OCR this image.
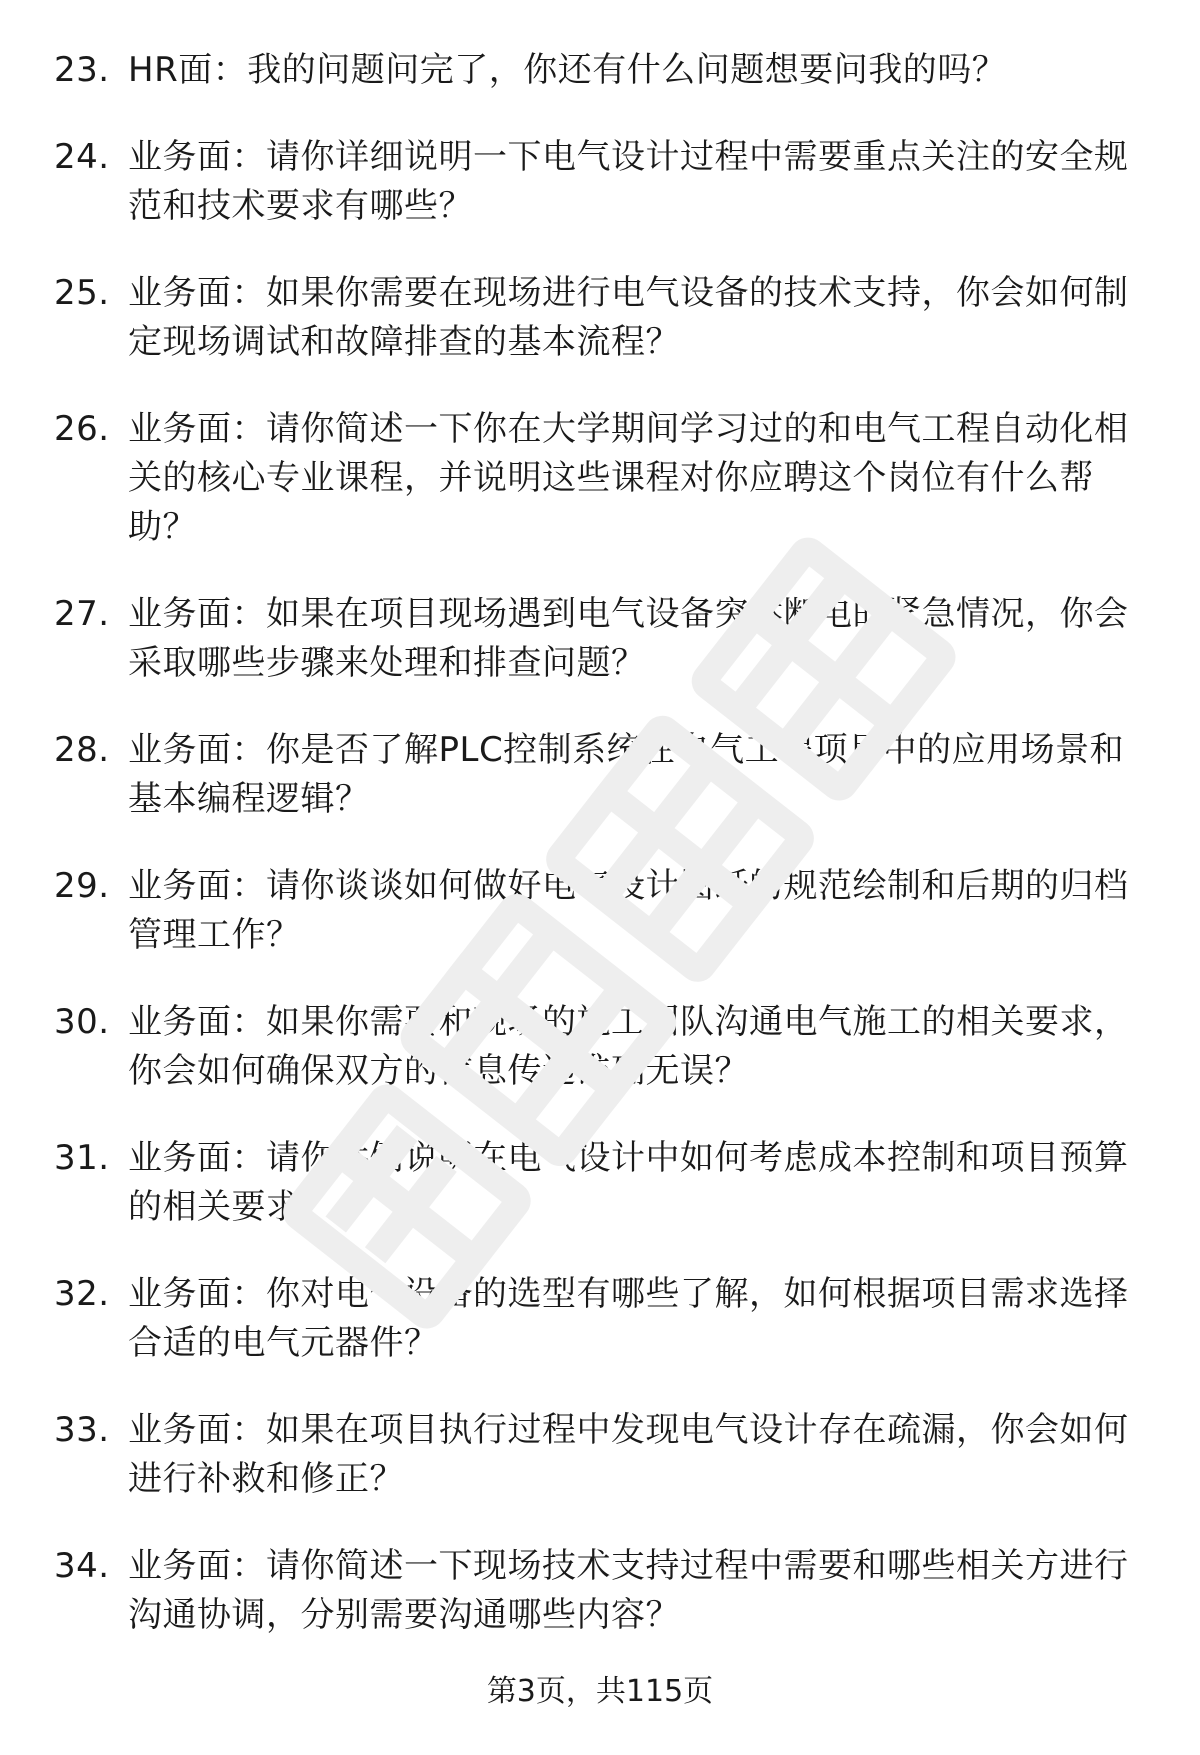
23. HR面：我的问题问完了，你还有什么问题想要问我的吗？
24. 业务面：请你详细说明一下电气设计过程中需要重点关注的安全规范和技术要求有哪些？
25. 业务面：如果你需要在现场进行电气设备的技术支持，你会如何制定现场调试和故障排查的基本流程？
26. 业务面：请你简述一下你在大学期间学习过的和电气工程自动化相关的核心专业课程，并说明这些课程对你应聘这个岗位有什么帮助？
27. 业务面：如果在项目现场遇到电气设备突然断电的紧急情况，你会采取哪些步骤来处理和排查问题？
28. 业务面：你是否了解PLC控制系统在电气工程项目中的应用场景和基本编程逻辑？
29. 业务面：请你谈谈如何做好电气设计图纸的规范绘制和后期的归档管理工作？
30. 业务面：如果你需要和现场的施工团队沟通电气施工的相关要求，你会如何确保双方的信息传递准确无误？
31. 业务面：请你举例说明在电气设计中如何考虑成本控制和项目预算的相关要求？
32. 业务面：你对电气设备的选型有哪些了解，如何根据项目需求选择合适的电气元器件？
33. 业务面：如果在项目执行过程中发现电气设计存在疏漏，你会如何进行补救和修正？
34. 业务面：请你简述一下现场技术支持过程中需要和哪些相关方进行沟通协调，分别需要沟通哪些内容？
第3页，共115页
